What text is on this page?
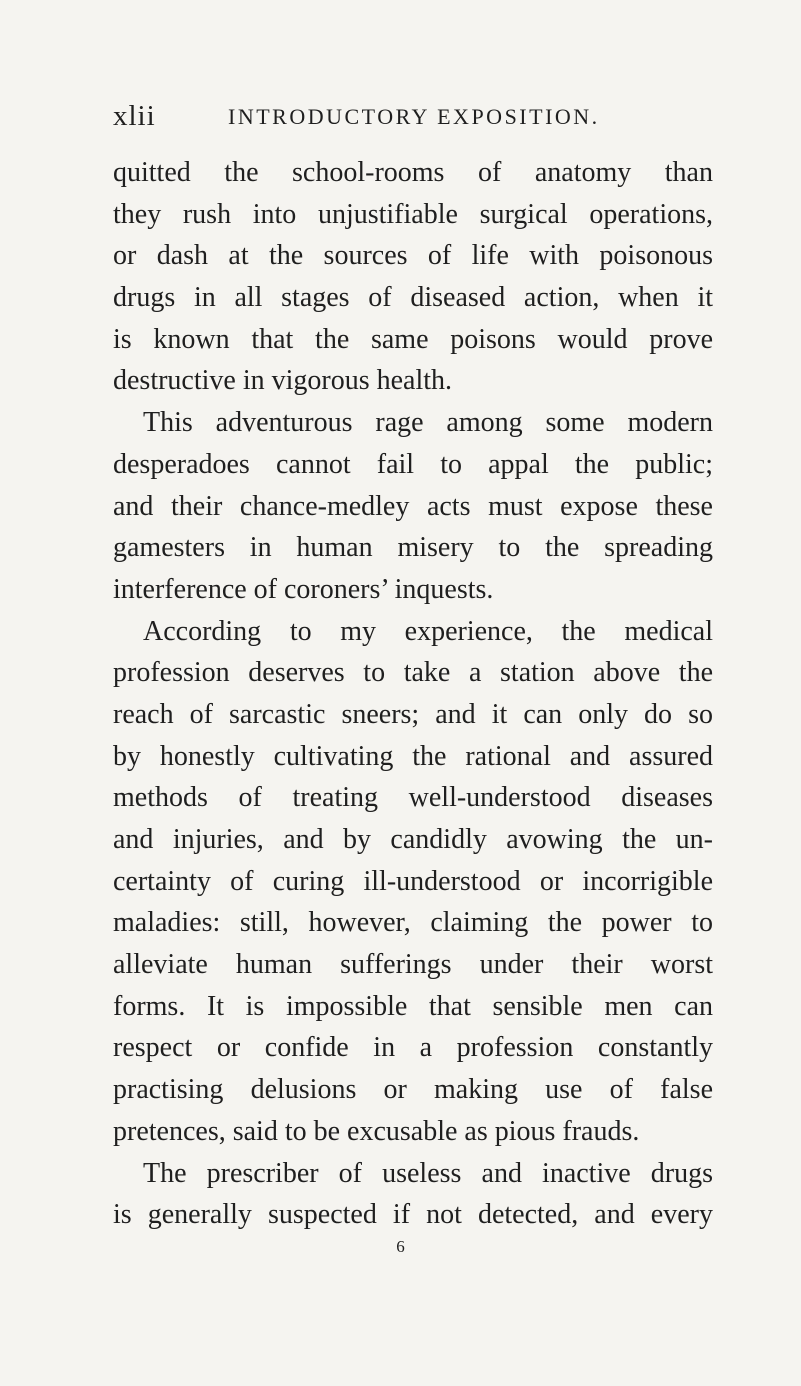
xlii	INTRODUCTORY EXPOSITION.
quitted the school-rooms of anatomy than
they rush into unjustifiable surgical operations,
or dash at the sources of life with poisonous
drugs in all stages of diseased action, when it
is known that the same poisons would prove
destructive in vigorous health.
This adventurous rage among some modern
desperadoes cannot fail to appal the public;
and their chance-medley acts must expose these
gamesters in human misery to the spreading
interference of coroners’ inquests.
According to my experience, the medical
profession deserves to take a station above the
reach of sarcastic sneers; and it can only do so
by honestly cultivating the rational and assured
methods of treating well-understood diseases
and injuries, and by candidly avowing the un-
certainty of curing ill-understood or incorrigible
maladies: still, however, claiming the power to
alleviate human sufferings under their worst
forms. It is impossible that sensible men can
respect or confide in a profession constantly
practising delusions or making use of false
pretences, said to be excusable as pious frauds.
The prescriber of useless and inactive drugs
is generally suspected if not detected, and every
6
